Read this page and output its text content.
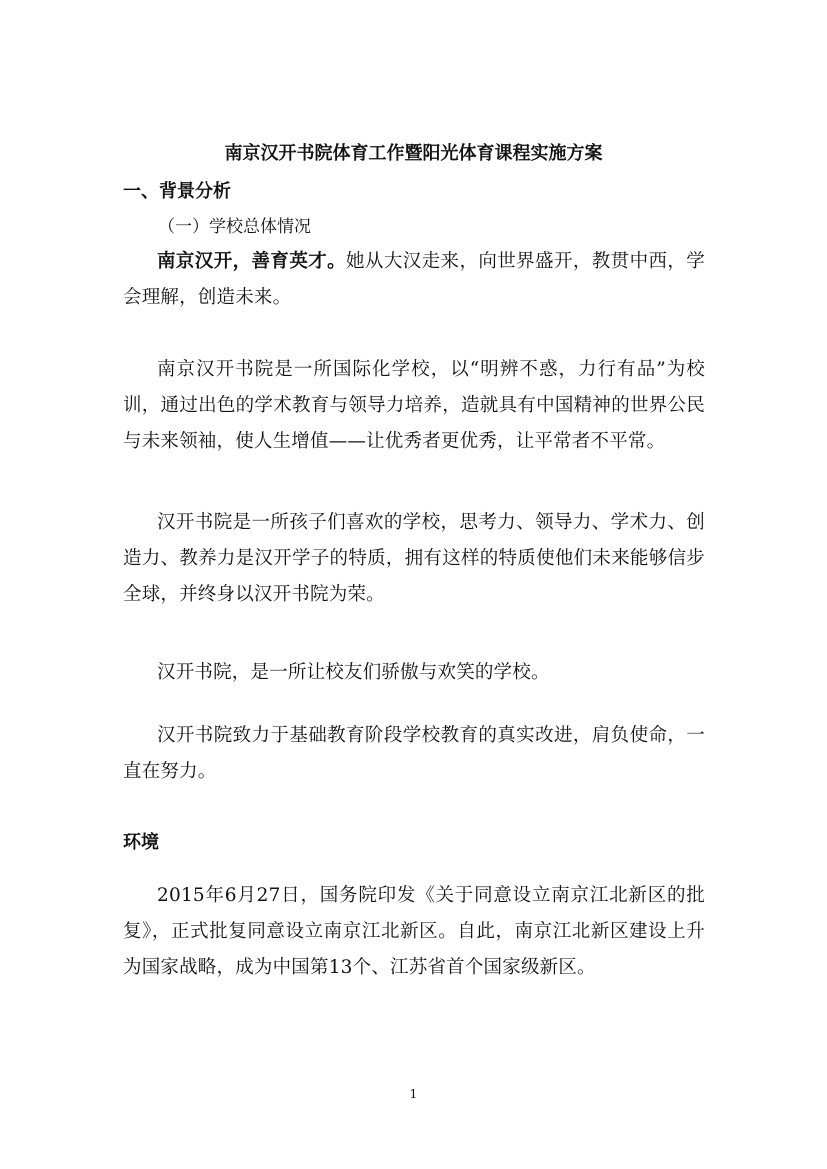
南京汉开书院体育工作暨阳光体育课程实施方案
一、背景分析
（一）学校总体情况
南京汉开，善育英才。她从大汉走来，向世界盛开，教贯中西，学会理解，创造未来。
南京汉开书院是一所国际化学校，以“明辨不惑，力行有品”为校训，通过出色的学术教育与领导力培养，造就具有中国精神的世界公民与未来领袖，使人生增值——让优秀者更优秀，让平常者不平常。
汉开书院是一所孩子们喜欢的学校，思考力、领导力、学术力、创造力、教养力是汉开学子的特质，拥有这样的特质使他们未来能够信步全球，并终身以汉开书院为荣。
汉开书院，是一所让校友们骄傲与欢笑的学校。
汉开书院致力于基础教育阶段学校教育的真实改进，肩负使命，一直在努力。
环境
2015年6月27日，国务院印发《关于同意设立南京江北新区的批复》，正式批复同意设立南京江北新区。自此，南京江北新区建设上升为国家战略，成为中国第13个、江苏省首个国家级新区。
1
